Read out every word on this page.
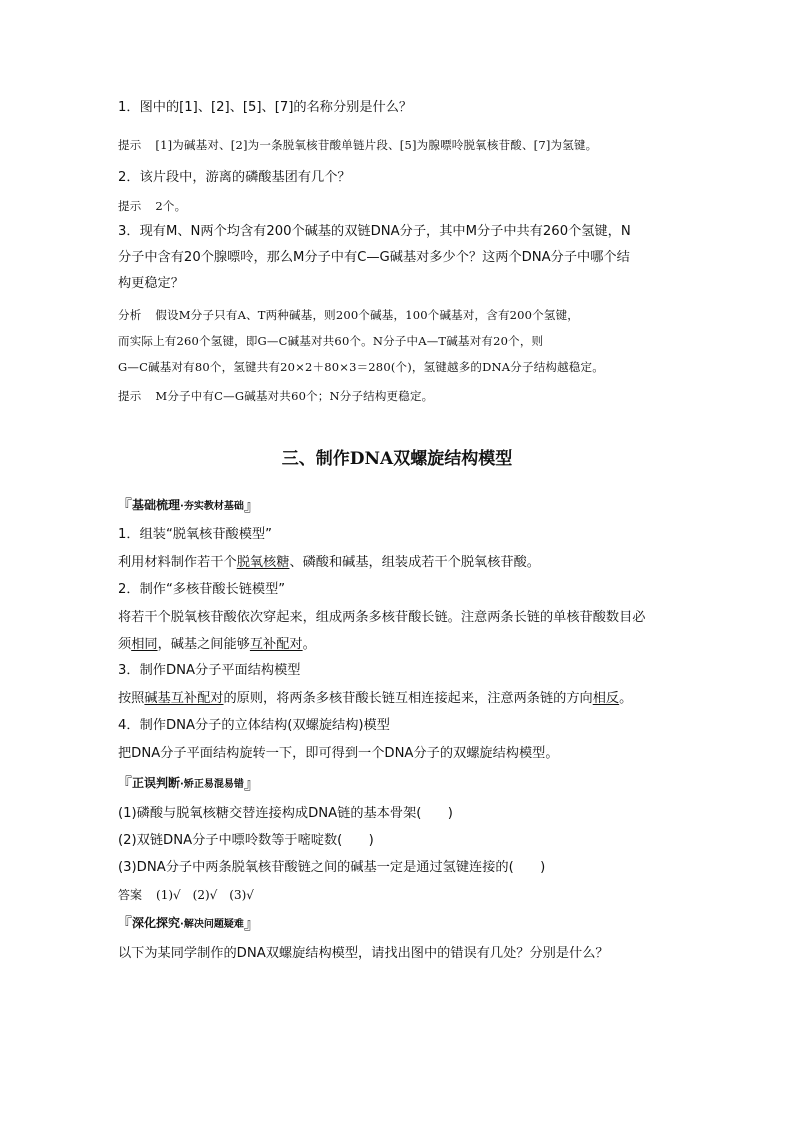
1．图中的[1]、[2]、[5]、[7]的名称分别是什么？
提示 [1]为碱基对、[2]为一条脱氧核苷酸单链片段、[5]为腺嘌呤脱氧核苷酸、[7]为氢键。
2．该片段中，游离的磷酸基团有几个？
提示 2个。
3．现有M、N两个均含有200个碱基的双链DNA分子，其中M分子中共有260个氢键，N
分子中含有20个腺嘌呤，那么M分子中有C—G碱基对多少个？这两个DNA分子中哪个结
构更稳定？
分析 假设M分子只有A、T两种碱基，则200个碱基，100个碱基对，含有200个氢键，
而实际上有260个氢键，即G—C碱基对共60个。N分子中A—T碱基对有20个，则
G—C碱基对有80个，氢键共有20×2＋80×3＝280(个)，氢键越多的DNA分子结构越稳定。
提示 M分子中有C—G碱基对共60个；N分子结构更稳定。
三、制作DNA双螺旋结构模型
『基础梳理·夯实教材基础』
1．组装“脱氧核苷酸模型”
利用材料制作若干个脱氧核糖、磷酸和碱基，组装成若干个脱氧核苷酸。
2．制作“多核苷酸长链模型”
将若干个脱氧核苷酸依次穿起来，组成两条多核苷酸长链。注意两条长链的单核苷酸数目必
须相同，碱基之间能够互补配对。
3．制作DNA分子平面结构模型
按照碱基互补配对的原则，将两条多核苷酸长链互相连接起来，注意两条链的方向相反。
4．制作DNA分子的立体结构(双螺旋结构)模型
把DNA分子平面结构旋转一下，即可得到一个DNA分子的双螺旋结构模型。
『正误判断·矫正易混易错』
(1)磷酸与脱氧核糖交替连接构成DNA链的基本骨架(　　)
(2)双链DNA分子中嘌呤数等于嘧啶数(　　)
(3)DNA分子中两条脱氧核苷酸链之间的碱基一定是通过氢键连接的(　　)
答案 (1)√　(2)√　(3)√
『深化探究·解决问题疑难』
以下为某同学制作的DNA双螺旋结构模型，请找出图中的错误有几处？分别是什么？
